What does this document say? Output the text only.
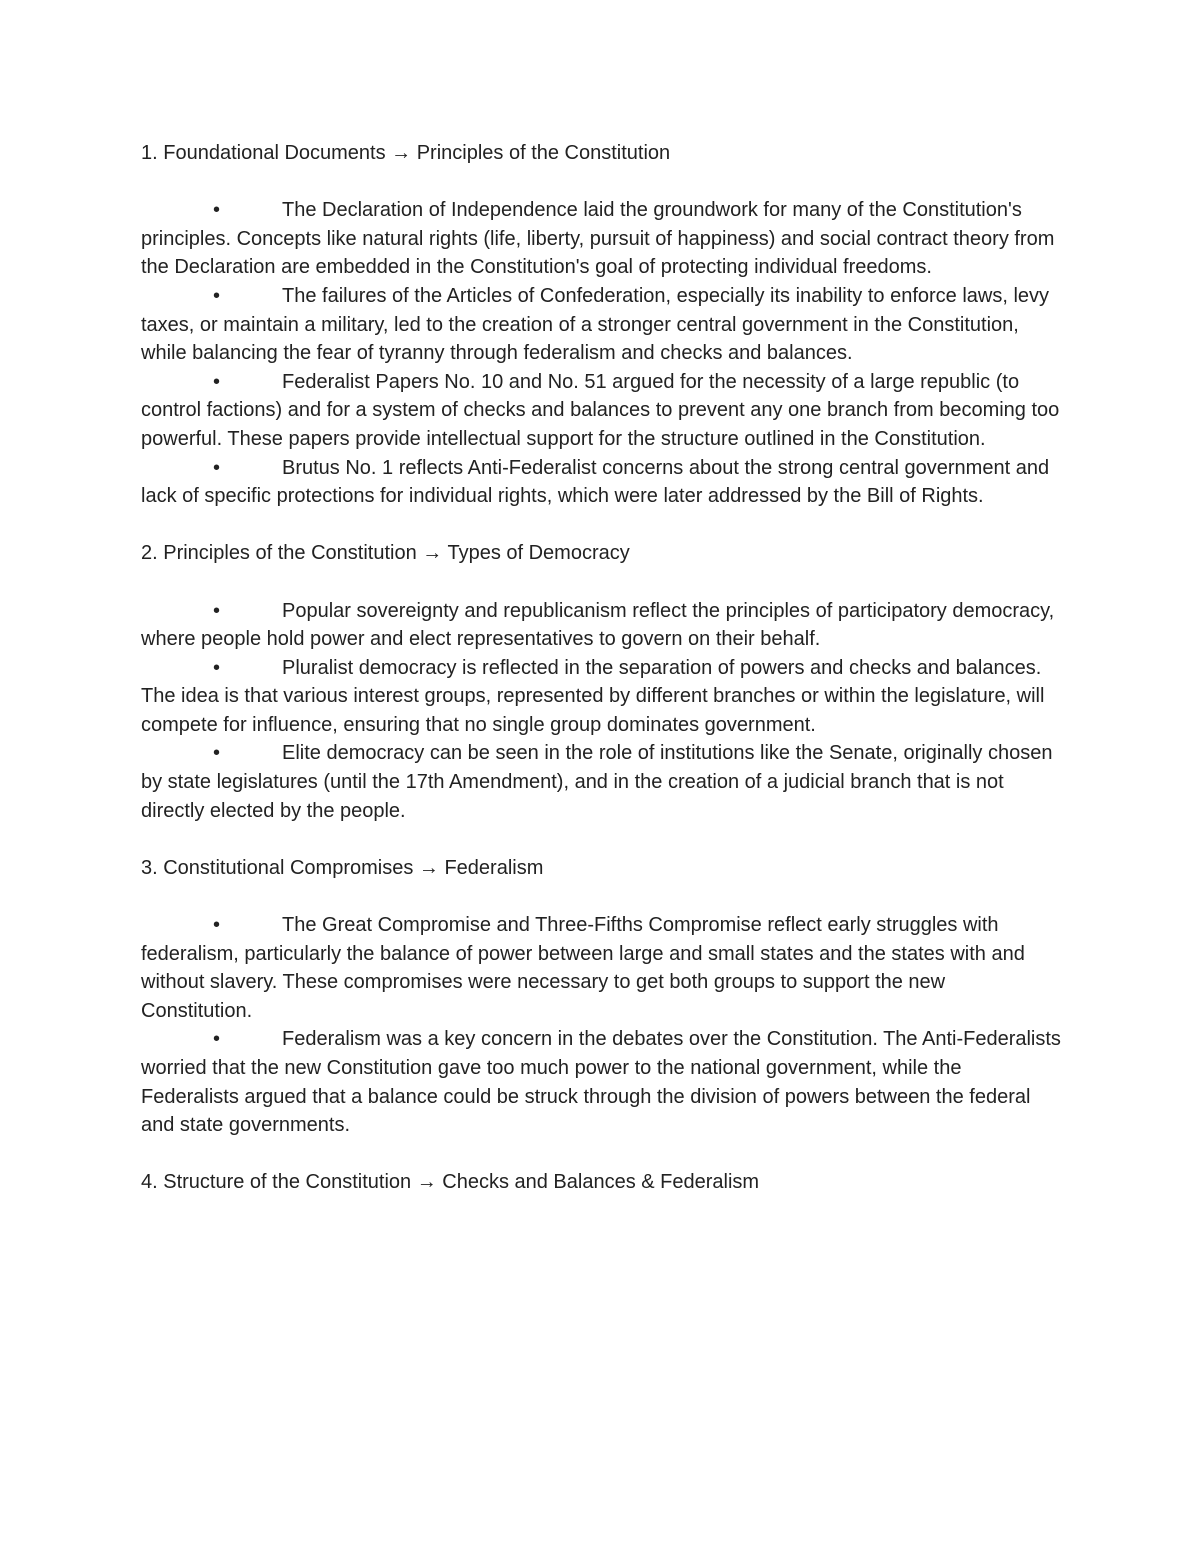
1. Foundational Documents → Principles of the Constitution

•	The Declaration of Independence laid the groundwork for many of the Constitution's principles. Concepts like natural rights (life, liberty, pursuit of happiness) and social contract theory from the Declaration are embedded in the Constitution's goal of protecting individual freedoms.
•	The failures of the Articles of Confederation, especially its inability to enforce laws, levy taxes, or maintain a military, led to the creation of a stronger central government in the Constitution, while balancing the fear of tyranny through federalism and checks and balances.
•	Federalist Papers No. 10 and No. 51 argued for the necessity of a large republic (to control factions) and for a system of checks and balances to prevent any one branch from becoming too powerful. These papers provide intellectual support for the structure outlined in the Constitution.
•	Brutus No. 1 reflects Anti-Federalist concerns about the strong central government and lack of specific protections for individual rights, which were later addressed by the Bill of Rights.

2. Principles of the Constitution → Types of Democracy

•	Popular sovereignty and republicanism reflect the principles of participatory democracy, where people hold power and elect representatives to govern on their behalf.
•	Pluralist democracy is reflected in the separation of powers and checks and balances. The idea is that various interest groups, represented by different branches or within the legislature, will compete for influence, ensuring that no single group dominates government.
•	Elite democracy can be seen in the role of institutions like the Senate, originally chosen by state legislatures (until the 17th Amendment), and in the creation of a judicial branch that is not directly elected by the people.

3. Constitutional Compromises → Federalism

•	The Great Compromise and Three-Fifths Compromise reflect early struggles with federalism, particularly the balance of power between large and small states and the states with and without slavery. These compromises were necessary to get both groups to support the new Constitution.
•	Federalism was a key concern in the debates over the Constitution. The Anti-Federalists worried that the new Constitution gave too much power to the national government, while the Federalists argued that a balance could be struck through the division of powers between the federal and state governments.

4. Structure of the Constitution → Checks and Balances & Federalism
